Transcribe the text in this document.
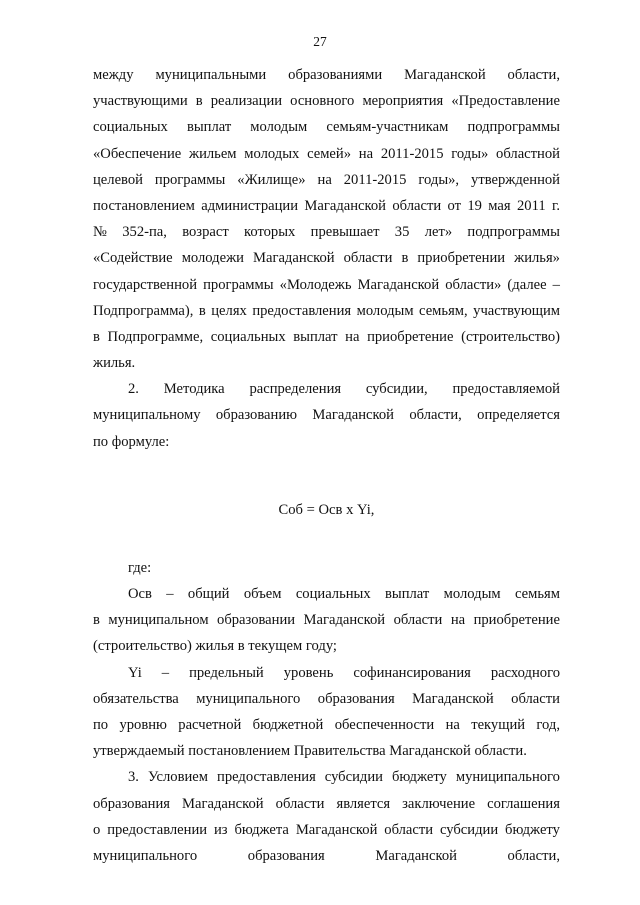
27
между муниципальными образованиями Магаданской области,
участвующими в реализации основного мероприятия «Предоставление
социальных выплат молодым семьям-участникам подпрограммы
«Обеспечение жильем молодых семей» на 2011-2015 годы» областной
целевой программы «Жилище» на 2011-2015 годы», утвержденной
постановлением администрации Магаданской области от 19 мая 2011 г.
№ 352-па, возраст которых превышает 35 лет» подпрограммы
«Содействие молодежи Магаданской области в приобретении жилья»
государственной программы «Молодежь Магаданской области» (далее –
Подпрограмма), в целях предоставления молодым семьям, участвующим
в Подпрограмме, социальных выплат на приобретение (строительство)
жилья.
2. Методика распределения субсидии, предоставляемой
муниципальному образованию Магаданской области, определяется
по формуле:
Соб = Осв х Yi,
где:
Осв – общий объем социальных выплат молодым семьям
в муниципальном образовании Магаданской области на приобретение
(строительство) жилья в текущем году;
Yi – предельный уровень софинансирования расходного
обязательства муниципального образования Магаданской области
по уровню расчетной бюджетной обеспеченности на текущий год,
утверждаемый постановлением Правительства Магаданской области.
3. Условием предоставления субсидии бюджету муниципального
образования Магаданской области является заключение соглашения
о предоставлении из бюджета Магаданской области субсидии бюджету
муниципального	образования	Магаданской	области,
